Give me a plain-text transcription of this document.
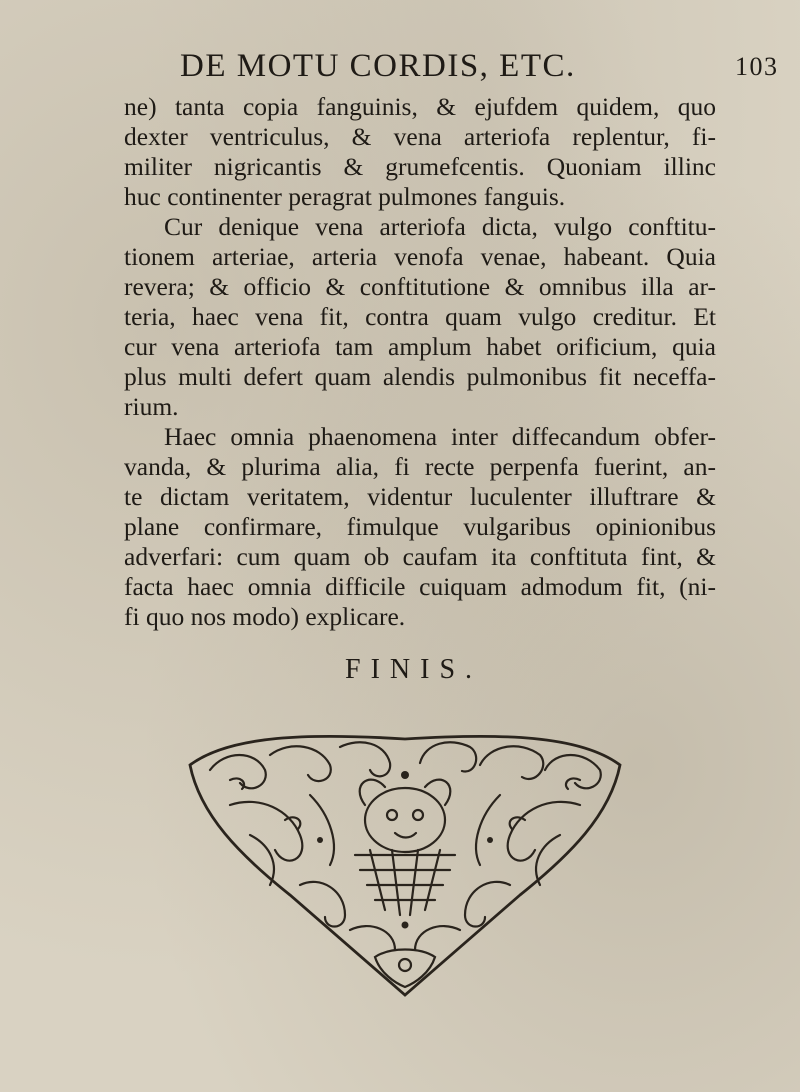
DE MOTU CORDIS, ETC.	103
ne) tanta copia fanguinis, & ejufdem quidem, quo
dexter ventriculus, & vena arteriofa replentur, fi-
militer nigricantis & grumefcentis. Quoniam illinc
huc continenter peragrat pulmones fanguis.
Cur denique vena arteriofa dicta, vulgo conftitu-
tionem arteriae, arteria venofa venae, habeant. Quia
revera; & officio & conftitutione & omnibus illa ar-
teria, haec vena fit, contra quam vulgo creditur. Et
cur vena arteriofa tam amplum habet orificium, quia
plus multi defert quam alendis pulmonibus fit neceffa-
rium.
Haec omnia phaenomena inter diffecandum obfer-
vanda, & plurima alia, fi recte perpenfa fuerint, an-
te dictam veritatem, videntur luculenter illuftrare &
plane confirmare, fimulque vulgaribus opinionibus
adverfari: cum quam ob caufam ita conftituta fint, &
facta haec omnia difficile cuiquam admodum fit, (ni-
fi quo nos modo) explicare.
FINIS.
